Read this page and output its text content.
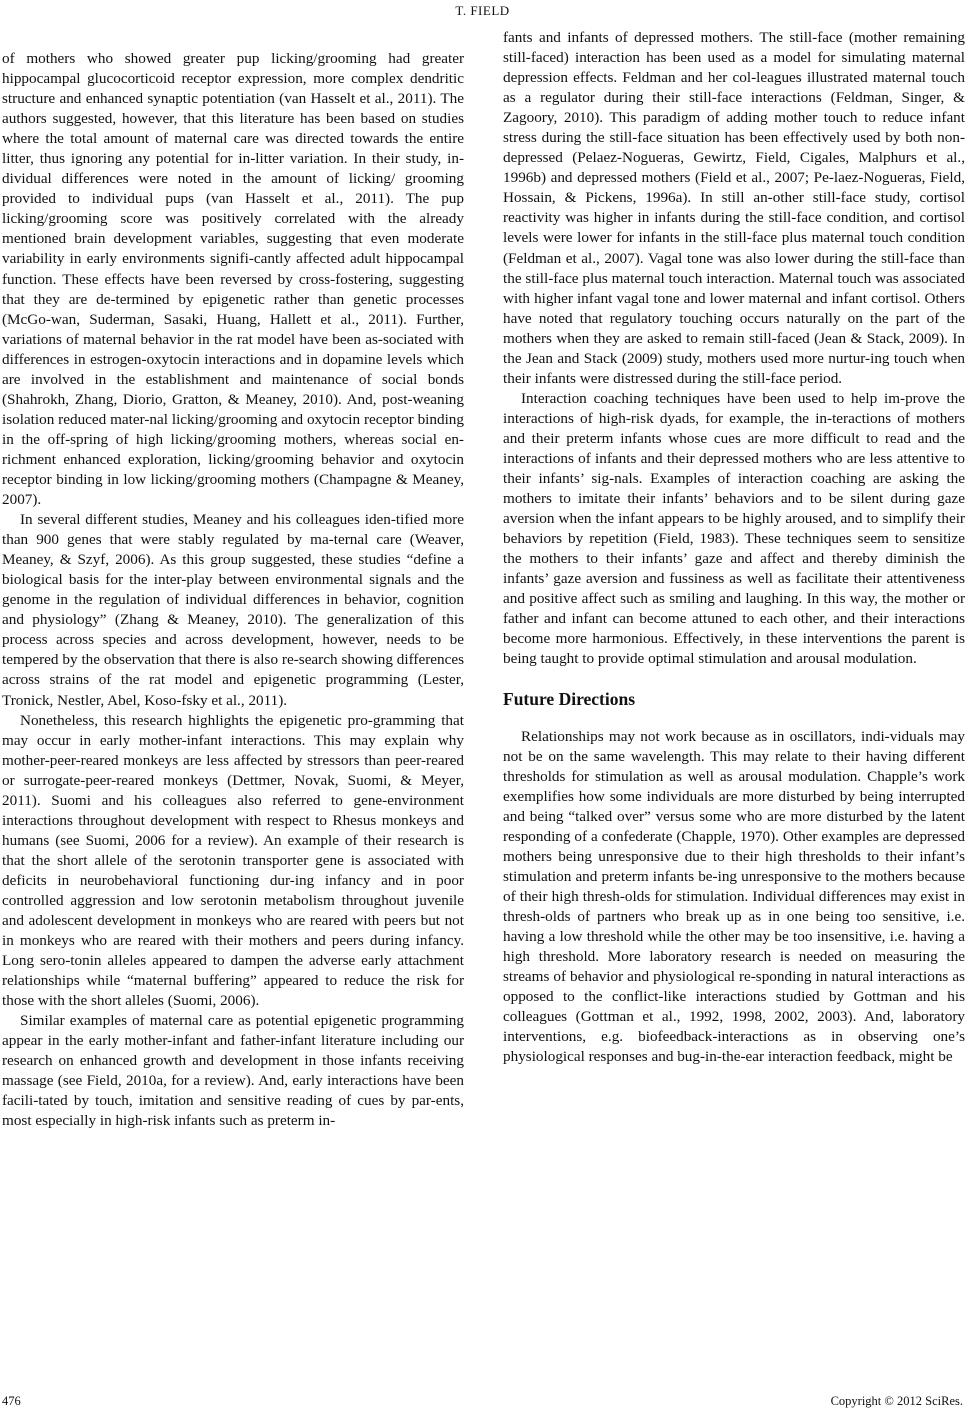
T. FIELD

of mothers who showed greater pup licking/grooming had greater hippocampal glucocorticoid receptor expression, more complex dendritic structure and enhanced synaptic potentiation (van Hasselt et al., 2011). The authors suggested, however, that this literature has been based on studies where the total amount of maternal care was directed towards the entire litter, thus ignoring any potential for in-litter variation. In their study, in-dividual differences were noted in the amount of licking/ grooming provided to individual pups (van Hasselt et al., 2011). The pup licking/grooming score was positively correlated with the already mentioned brain development variables, suggesting that even moderate variability in early environments signifi-cantly affected adult hippocampal function. These effects have been reversed by cross-fostering, suggesting that they are de-termined by epigenetic rather than genetic processes (McGo-wan, Suderman, Sasaki, Huang, Hallett et al., 2011). Further, variations of maternal behavior in the rat model have been as-sociated with differences in estrogen-oxytocin interactions and in dopamine levels which are involved in the establishment and maintenance of social bonds (Shahrokh, Zhang, Diorio, Gratton, & Meaney, 2010). And, post-weaning isolation reduced mater-nal licking/grooming and oxytocin receptor binding in the off-spring of high licking/grooming mothers, whereas social en-richment enhanced exploration, licking/grooming behavior and oxytocin receptor binding in low licking/grooming mothers (Champagne & Meaney, 2007).

In several different studies, Meaney and his colleagues iden-tified more than 900 genes that were stably regulated by ma-ternal care (Weaver, Meaney, & Szyf, 2006). As this group suggested, these studies “define a biological basis for the inter-play between environmental signals and the genome in the regulation of individual differences in behavior, cognition and physiology” (Zhang & Meaney, 2010). The generalization of this process across species and across development, however, needs to be tempered by the observation that there is also re-search showing differences across strains of the rat model and epigenetic programming (Lester, Tronick, Nestler, Abel, Koso-fsky et al., 2011).

Nonetheless, this research highlights the epigenetic pro-gramming that may occur in early mother-infant interactions. This may explain why mother-peer-reared monkeys are less affected by stressors than peer-reared or surrogate-peer-reared monkeys (Dettmer, Novak, Suomi, & Meyer, 2011). Suomi and his colleagues also referred to gene-environment interactions throughout development with respect to Rhesus monkeys and humans (see Suomi, 2006 for a review). An example of their research is that the short allele of the serotonin transporter gene is associated with deficits in neurobehavioral functioning dur-ing infancy and in poor controlled aggression and low serotonin metabolism throughout juvenile and adolescent development in monkeys who are reared with peers but not in monkeys who are reared with their mothers and peers during infancy. Long sero-tonin alleles appeared to dampen the adverse early attachment relationships while “maternal buffering” appeared to reduce the risk for those with the short alleles (Suomi, 2006).

Similar examples of maternal care as potential epigenetic programming appear in the early mother-infant and father-infant literature including our research on enhanced growth and development in those infants receiving massage (see Field, 2010a, for a review). And, early interactions have been facili-tated by touch, imitation and sensitive reading of cues by par-ents, most especially in high-risk infants such as preterm in-

fants and infants of depressed mothers. The still-face (mother remaining still-faced) interaction has been used as a model for simulating maternal depression effects. Feldman and her col-leagues illustrated maternal touch as a regulator during their still-face interactions (Feldman, Singer, & Zagoory, 2010). This paradigm of adding mother touch to reduce infant stress during the still-face situation has been effectively used by both non-depressed (Pelaez-Nogueras, Gewirtz, Field, Cigales, Malphurs et al., 1996b) and depressed mothers (Field et al., 2007; Pe-laez-Nogueras, Field, Hossain, & Pickens, 1996a). In still an-other still-face study, cortisol reactivity was higher in infants during the still-face condition, and cortisol levels were lower for infants in the still-face plus maternal touch condition (Feldman et al., 2007). Vagal tone was also lower during the still-face than the still-face plus maternal touch interaction. Maternal touch was associated with higher infant vagal tone and lower maternal and infant cortisol. Others have noted that regulatory touching occurs naturally on the part of the mothers when they are asked to remain still-faced (Jean & Stack, 2009). In the Jean and Stack (2009) study, mothers used more nurtur-ing touch when their infants were distressed during the still-face period.

Interaction coaching techniques have been used to help im-prove the interactions of high-risk dyads, for example, the in-teractions of mothers and their preterm infants whose cues are more difficult to read and the interactions of infants and their depressed mothers who are less attentive to their infants’ sig-nals. Examples of interaction coaching are asking the mothers to imitate their infants’ behaviors and to be silent during gaze aversion when the infant appears to be highly aroused, and to simplify their behaviors by repetition (Field, 1983). These techniques seem to sensitize the mothers to their infants’ gaze and affect and thereby diminish the infants’ gaze aversion and fussiness as well as facilitate their attentiveness and positive affect such as smiling and laughing. In this way, the mother or father and infant can become attuned to each other, and their interactions become more harmonious. Effectively, in these interventions the parent is being taught to provide optimal stimulation and arousal modulation.

Future Directions

Relationships may not work because as in oscillators, indi-viduals may not be on the same wavelength. This may relate to their having different thresholds for stimulation as well as arousal modulation. Chapple’s work exemplifies how some individuals are more disturbed by being interrupted and being “talked over” versus some who are more disturbed by the latent responding of a confederate (Chapple, 1970). Other examples are depressed mothers being unresponsive due to their high thresholds to their infant’s stimulation and preterm infants be-ing unresponsive to the mothers because of their high thresh-olds for stimulation. Individual differences may exist in thresh-olds of partners who break up as in one being too sensitive, i.e. having a low threshold while the other may be too insensitive, i.e. having a high threshold. More laboratory research is needed on measuring the streams of behavior and physiological re-sponding in natural interactions as opposed to the conflict-like interactions studied by Gottman and his colleagues (Gottman et al., 1992, 1998, 2002, 2003). And, laboratory interventions, e.g. biofeedback-interactions as in observing one’s physiological responses and bug-in-the-ear interaction feedback, might be

476	Copyright © 2012 SciRes.
